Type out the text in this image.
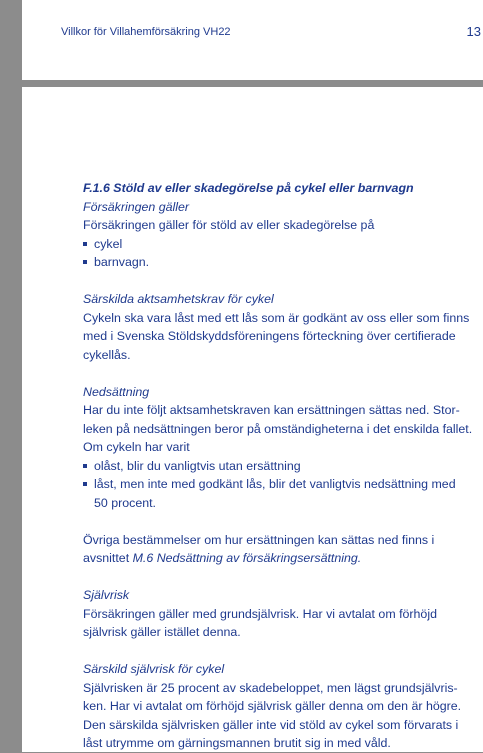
Villkor för Villahemförsäkring VH22	13

F.1.6 Stöld av eller skadegörelse på cykel eller barnvagn

Försäkringen gäller

Försäkringen gäller för stöld av eller skadegörelse på

cykel
barnvagn.

Särskilda aktsamhetskrav för cykel

Cykeln ska vara låst med ett lås som är godkänt av oss eller som finns

med i Svenska Stöldskyddsföreningens förteckning över certifierade

cykellås.

Nedsättning

Har du inte följt aktsamhetskraven kan ersättningen sättas ned. Stor-

leken på nedsättningen beror på omständigheterna i det enskilda fallet.

Om cykeln har varit

olåst, blir du vanligtvis utan ersättning
låst, men inte med godkänt lås, blir det vanligtvis nedsättning med
50 procent.

Övriga bestämmelser om hur ersättningen kan sättas ned finns i

avsnittet M.6 Nedsättning av försäkringsersättning.

Självrisk

Försäkringen gäller med grundsjälvrisk. Har vi avtalat om förhöjd

självrisk gäller istället denna.

Särskild självrisk för cykel

Självrisken är 25 procent av skadebeloppet, men lägst grundsjälvris-

ken. Har vi avtalat om förhöjd självrisk gäller denna om den är högre.

Den särskilda självrisken gäller inte vid stöld av cykel som förvarats i

låst utrymme om gärningsmannen brutit sig in med våld.
